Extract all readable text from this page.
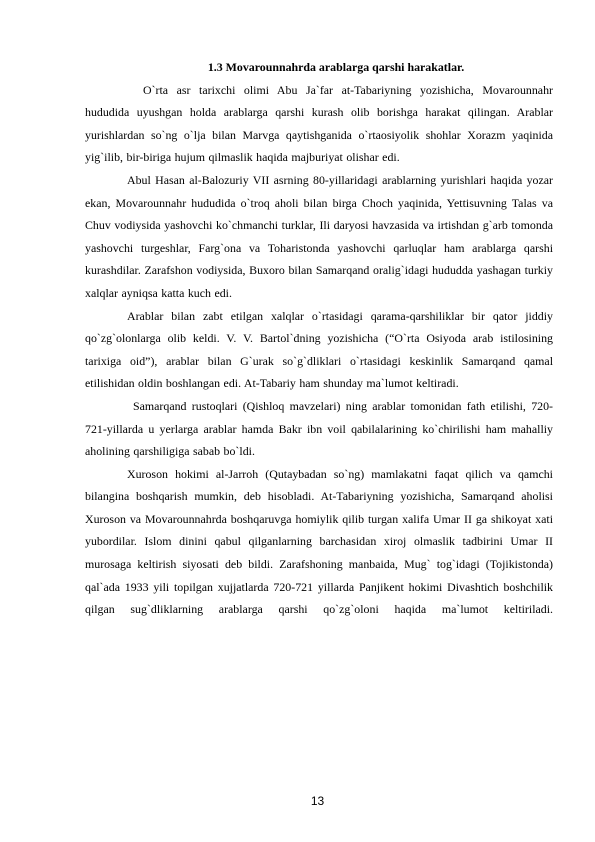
1.3 Movarounnahrda arablarga qarshi harakatlar.

O`rta asr tarixchi olimi Abu Ja`far at-Tabariyning yozishicha, Movarounnahr hududida uyushgan holda arablarga qarshi kurash olib borishga harakat qilingan. Arablar yurishlardan so`ng o`lja bilan Marvga qaytishganida o`rtaosiyolik shohlar Xorazm yaqinida yig`ilib, bir-biriga hujum qilmaslik haqida majburiyat olishar edi.

Abul Hasan al-Balozuriy VII asrning 80-yillaridagi arablarning yurishlari haqida yozar ekan, Movarounnahr hududida o`troq aholi bilan birga Choch yaqinida, Yettisuvning Talas va Chuv vodiysida yashovchi ko`chmanchi turklar, Ili daryosi havzasida va irtishdan g`arb tomonda yashovchi turgeshlar, Farg`ona va Toharistonda yashovchi qarluqlar ham arablarga qarshi kurashdilar. Zarafshon vodiysida, Buxoro bilan Samarqand oralig`idagi hududda yashagan turkiy xalqlar ayniqsa katta kuch edi.

Arablar bilan zabt etilgan xalqlar o`rtasidagi qarama-qarshiliklar bir qator jiddiy qo`zg`olonlarga olib keldi. V. V. Bartol`dning yozishicha (“O`rta Osiyoda arab istilosining tarixiga oid”), arablar bilan G`urak so`g`dliklari o`rtasidagi keskinlik Samarqand qamal etilishidan oldin boshlangan edi. At-Tabariy ham shunday ma`lumot keltiradi.

Samarqand rustoqlari (Qishloq mavzelari) ning arablar tomonidan fath etilishi, 720-721-yillarda u yerlarga arablar hamda Bakr ibn voil qabilalarining ko`chirilishi ham mahalliy aholining qarshiligiga sabab bo`ldi.

Xuroson hokimi al-Jarroh (Qutaybadan so`ng) mamlakatni faqat qilich va qamchi bilangina boshqarish mumkin, deb hisobladi. At-Tabariyning yozishicha, Samarqand aholisi Xuroson va Movarounnahrda boshqaruvga homiylik qilib turgan xalifa Umar II ga shikoyat xati yubordilar. Islom dinini qabul qilganlarning barchasidan xiroj olmaslik tadbirini Umar II murosaga keltirish siyosati deb bildi. Zarafshoning manbaida, Mug` tog`idagi (Tojikistonda) qal`ada 1933 yili topilgan xujjatlarda 720-721 yillarda Panjikent hokimi Divashtich boshchilik qilgan sug`dliklarning arablarga qarshi qo`zg`oloni haqida ma`lumot keltiriladi.

13
